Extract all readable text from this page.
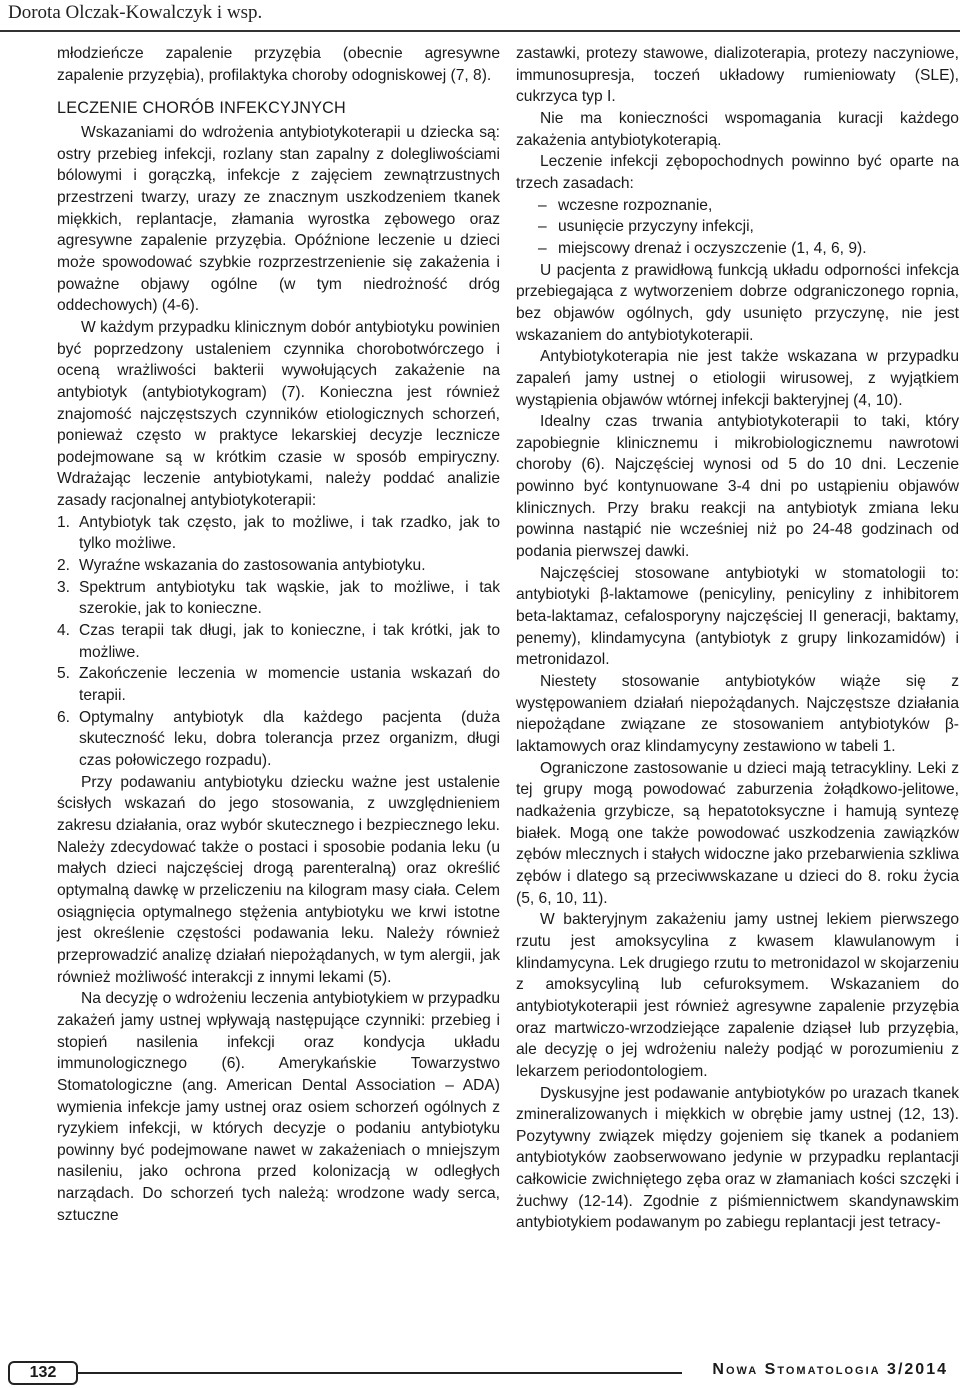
Dorota Olczak-Kowalczyk i wsp.

młodzieńcze zapalenie przyzębia (obecnie agresywne zapalenie przyzębia), profilaktyka choroby odogniskowej (7, 8).

LECZENIE CHORÓB INFEKCYJNYCH

Wskazaniami do wdrożenia antybiotykoterapii u dziecka są: ostry przebieg infekcji, rozlany stan zapalny z dolegliwościami bólowymi i gorączką, infekcje z zajęciem zewnątrzustnych przestrzeni twarzy, urazy ze znacznym uszkodzeniem tkanek miękkich, replantacje, złamania wyrostka zębowego oraz agresywne zapalenie przyzębia. Opóźnione leczenie u dzieci może spowodować szybkie rozprzestrzenienie się zakażenia i poważne objawy ogólne (w tym niedrożność dróg oddechowych) (4-6).

W każdym przypadku klinicznym dobór antybiotyku powinien być poprzedzony ustaleniem czynnika chorobotwórczego i oceną wrażliwości bakterii wywołujących zakażenie na antybiotyk (antybiotykogram) (7). Konieczna jest również znajomość najczęstszych czynników etiologicznych schorzeń, ponieważ często w praktyce lekarskiej decyzje lecznicze podejmowane są w krótkim czasie w sposób empiryczny. Wdrażając leczenie antybiotykami, należy poddać analizie zasady racjonalnej antybiotykoterapii:

1. Antybiotyk tak często, jak to możliwe, i tak rzadko, jak to tylko możliwe.
2. Wyraźne wskazania do zastosowania antybiotyku.
3. Spektrum antybiotyku tak wąskie, jak to możliwe, i tak szerokie, jak to konieczne.
4. Czas terapii tak długi, jak to konieczne, i tak krótki, jak to możliwe.
5. Zakończenie leczenia w momencie ustania wskazań do terapii.
6. Optymalny antybiotyk dla każdego pacjenta (duża skuteczność leku, dobra tolerancja przez organizm, długi czas połowiczego rozpadu).

Przy podawaniu antybiotyku dziecku ważne jest ustalenie ścisłych wskazań do jego stosowania, z uwzględnieniem zakresu działania, oraz wybór skutecznego i bezpiecznego leku. Należy zdecydować także o postaci i sposobie podania leku (u małych dzieci najczęściej drogą parenteralną) oraz określić optymalną dawkę w przeliczeniu na kilogram masy ciała. Celem osiągnięcia optymalnego stężenia antybiotyku we krwi istotne jest określenie częstości podawania leku. Należy również przeprowadzić analizę działań niepożądanych, w tym alergii, jak również możliwość interakcji z innymi lekami (5).

Na decyzję o wdrożeniu leczenia antybiotykiem w przypadku zakażeń jamy ustnej wpływają następujące czynniki: przebieg i stopień nasilenia infekcji oraz kondycja układu immunologicznego (6). Amerykańskie Towarzystwo Stomatologiczne (ang. American Dental Association – ADA) wymienia infekcje jamy ustnej oraz osiem schorzeń ogólnych z ryzykiem infekcji, w których decyzje o podaniu antybiotyku powinny być podejmowane nawet w zakażeniach o mniejszym nasileniu, jako ochrona przed kolonizacją w odległych narządach. Do schorzeń tych należą: wrodzone wady serca, sztuczne

zastawki, protezy stawowe, dializoterapia, protezy naczyniowe, immunosupresja, toczeń układowy rumieniowaty (SLE), cukrzyca typ I.

Nie ma konieczności wspomagania kuracji każdego zakażenia antybiotykoterapią.

Leczenie infekcji zębopochodnych powinno być oparte na trzech zasadach:

– wczesne rozpoznanie,
– usunięcie przyczyny infekcji,
– miejscowy drenaż i oczyszczenie (1, 4, 6, 9).

U pacjenta z prawidłową funkcją układu odporności infekcja przebiegająca z wytworzeniem dobrze odgraniczonego ropnia, bez objawów ogólnych, gdy usunięto przyczynę, nie jest wskazaniem do antybiotykoterapii.

Antybiotykoterapia nie jest także wskazana w przypadku zapaleń jamy ustnej o etiologii wirusowej, z wyjątkiem wystąpienia objawów wtórnej infekcji bakteryjnej (4, 10).

Idealny czas trwania antybiotykoterapii to taki, który zapobiegnie klinicznemu i mikrobiologicznemu nawrotowi choroby (6). Najczęściej wynosi od 5 do 10 dni. Leczenie powinno być kontynuowane 3-4 dni po ustąpieniu objawów klinicznych. Przy braku reakcji na antybiotyk zmiana leku powinna nastąpić nie wcześniej niż po 24-48 godzinach od podania pierwszej dawki.

Najczęściej stosowane antybiotyki w stomatologii to: antybiotyki β-laktamowe (penicyliny, penicyliny z inhibitorem beta-laktamaz, cefalosporyny najczęściej II generacji, baktamy, penemy), klindamycyna (antybiotyk z grupy linkozamidów) i metronidazol.

Niestety stosowanie antybiotyków wiąże się z występowaniem działań niepożądanych. Najczęstsze działania niepożądane związane ze stosowaniem antybiotyków β-laktamowych oraz klindamycyny zestawiono w tabeli 1.

Ograniczone zastosowanie u dzieci mają tetracykliny. Leki z tej grupy mogą powodować zaburzenia żołądkowo-jelitowe, nadkażenia grzybicze, są hepatotoksyczne i hamują syntezę białek. Mogą one także powodować uszkodzenia zawiązków zębów mlecznych i stałych widoczne jako przebarwienia szkliwa zębów i dlatego są przeciwwskazane u dzieci do 8. roku życia (5, 6, 10, 11).

W bakteryjnym zakażeniu jamy ustnej lekiem pierwszego rzutu jest amoksycylina z kwasem klawulanowym i klindamycyna. Lek drugiego rzutu to metronidazol w skojarzeniu z amoksycyliną lub cefuroksymem. Wskazaniem do antybiotykoterapii jest również agresywne zapalenie przyzębia oraz martwiczo-wrzodziejące zapalenie dziąseł lub przyzębia, ale decyzję o jej wdrożeniu należy podjąć w porozumieniu z lekarzem periodontologiem.

Dyskusyjne jest podawanie antybiotyków po urazach tkanek zmineralizowanych i miękkich w obrębie jamy ustnej (12, 13). Pozytywny związek między gojeniem się tkanek a podaniem antybiotyków zaobserwowano jedynie w przypadku replantacji całkowicie zwichniętego zęba oraz w złamaniach kości szczęki i żuchwy (12-14). Zgodnie z piśmiennictwem skandynawskim antybiotykiem podawanym po zabiegu replantacji jest tetracy-

132	Nowa Stomatologia 3/2014
